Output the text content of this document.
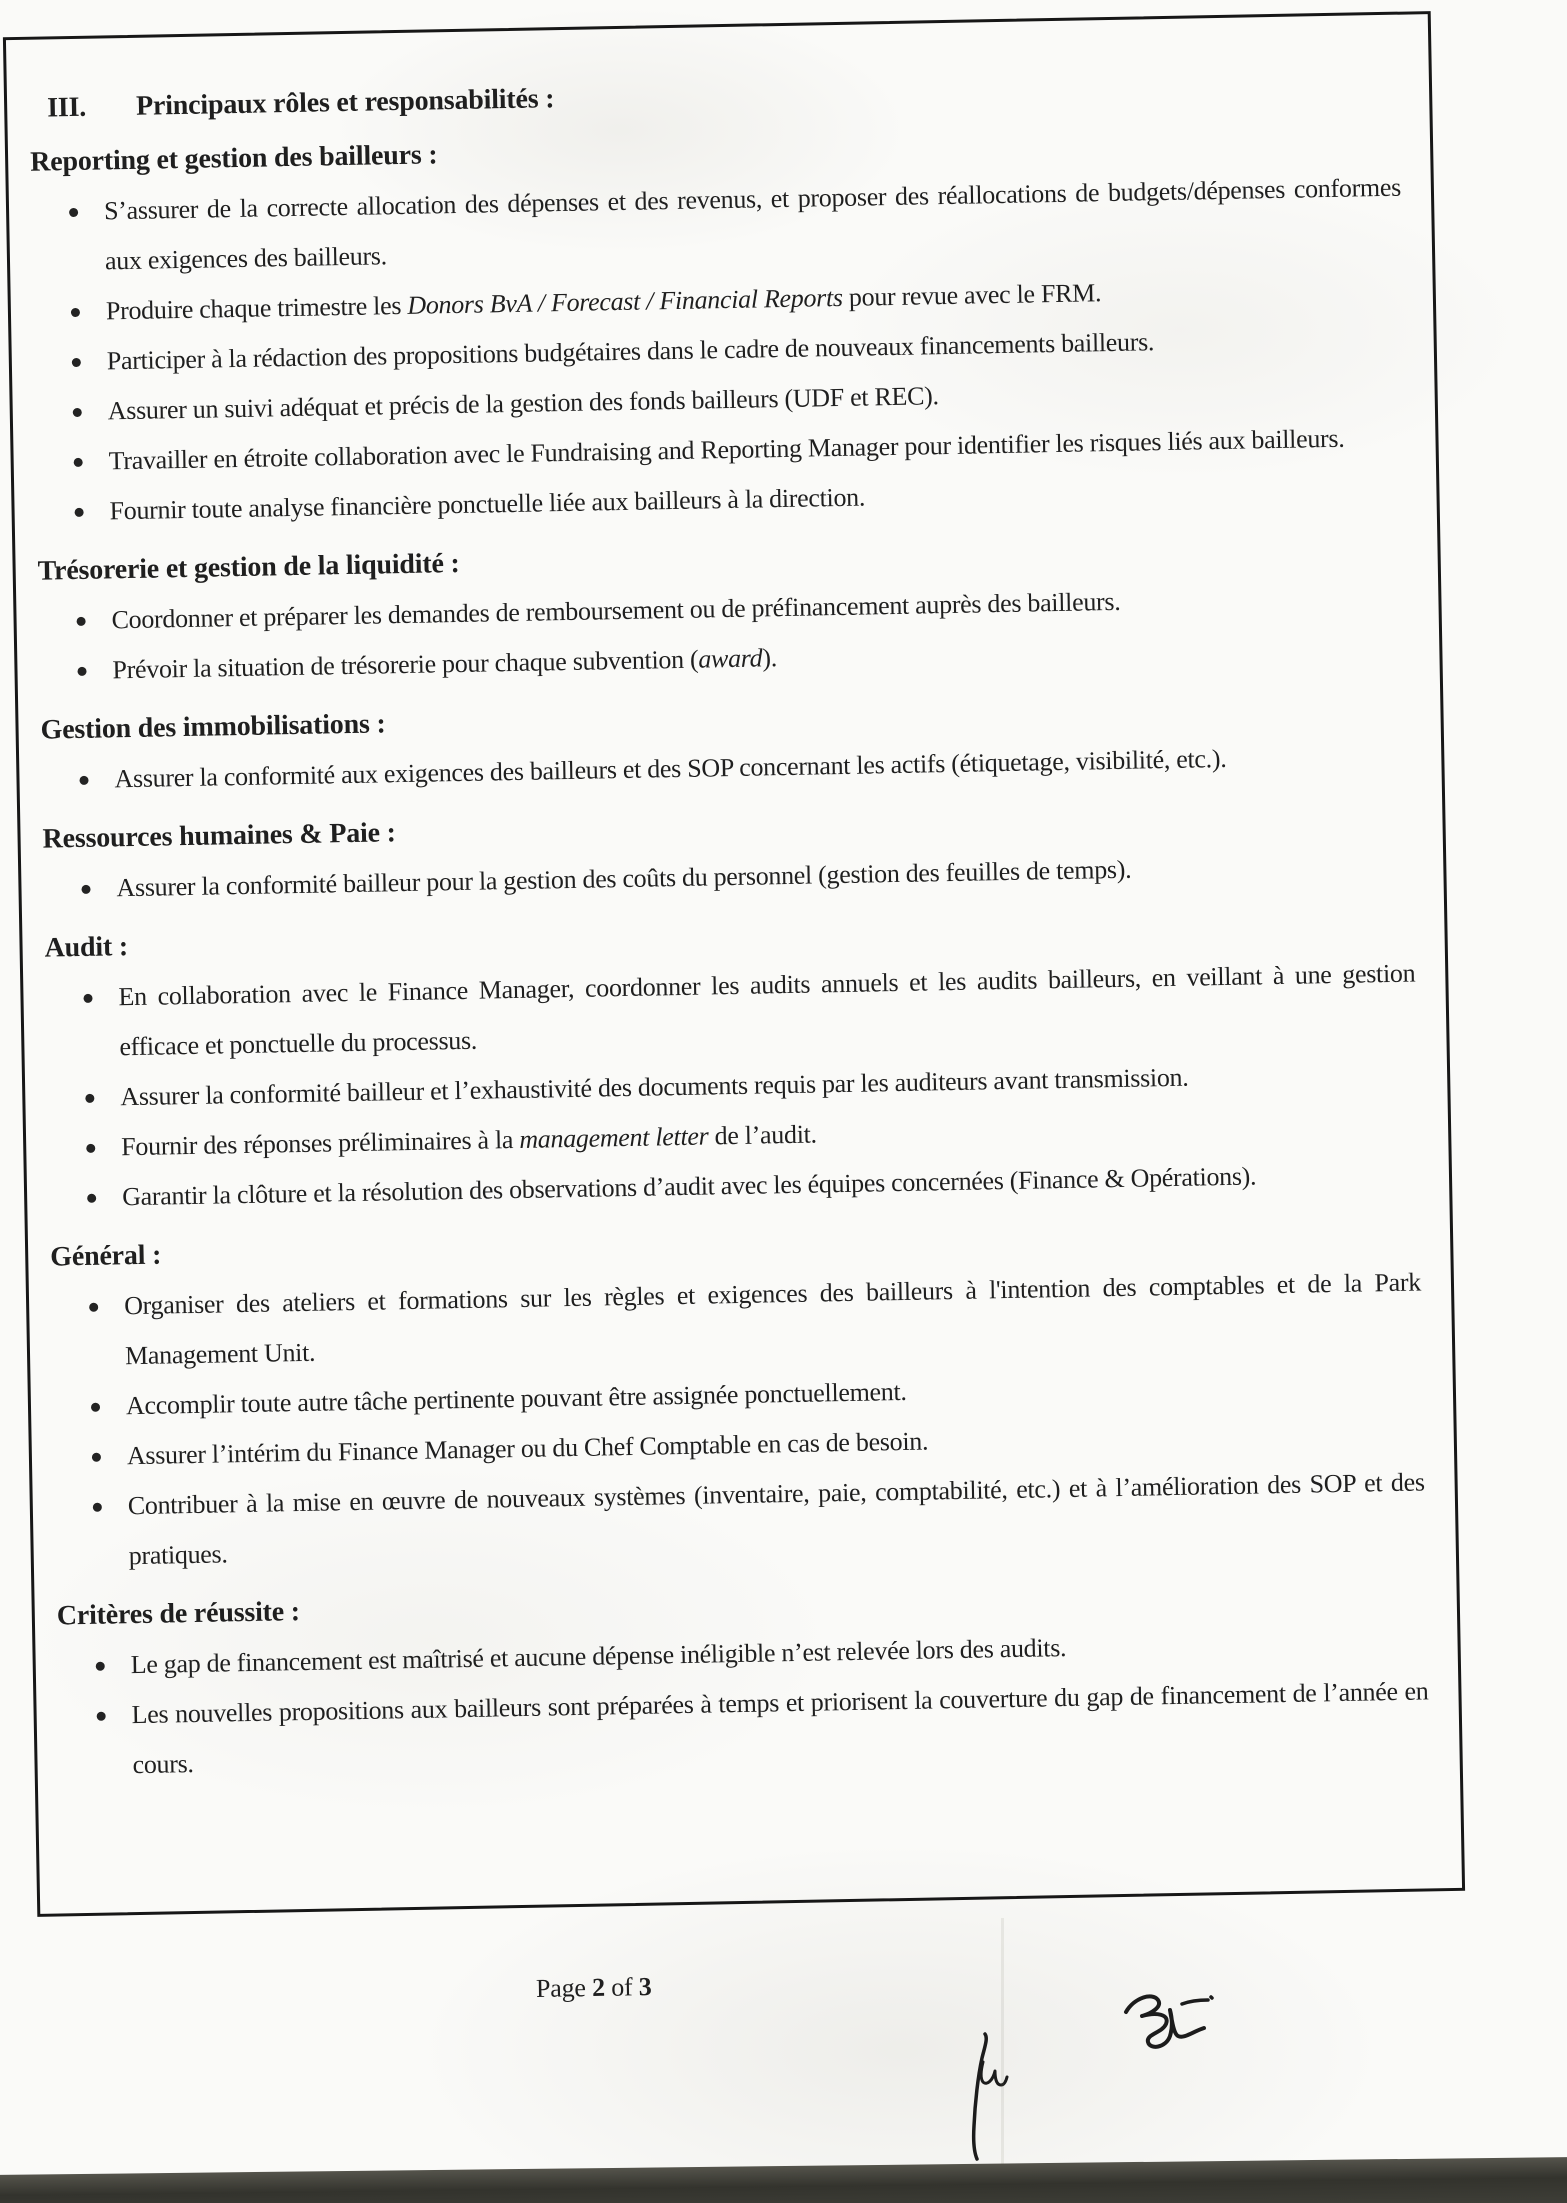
III. Principaux rôles et responsabilités :
Reporting et gestion des bailleurs :

S’assurer de la correcte allocation des dépenses et des revenus, et proposer des réallocations de budgets/dépenses conformes aux exigences des bailleurs.

Produire chaque trimestre les Donors BvA / Forecast / Financial Reports pour revue avec le FRM.

Participer à la rédaction des propositions budgétaires dans le cadre de nouveaux financements bailleurs.

Assurer un suivi adéquat et précis de la gestion des fonds bailleurs (UDF et REC).

Travailler en étroite collaboration avec le Fundraising and Reporting Manager pour identifier les risques liés aux bailleurs.

Fournir toute analyse financière ponctuelle liée aux bailleurs à la direction.

Trésorerie et gestion de la liquidité :

Coordonner et préparer les demandes de remboursement ou de préfinancement auprès des bailleurs.

Prévoir la situation de trésorerie pour chaque subvention (award).

Gestion des immobilisations :

Assurer la conformité aux exigences des bailleurs et des SOP concernant les actifs (étiquetage, visibilité, etc.).

Ressources humaines & Paie :

Assurer la conformité bailleur pour la gestion des coûts du personnel (gestion des feuilles de temps).

Audit :

En collaboration avec le Finance Manager, coordonner les audits annuels et les audits bailleurs, en veillant à une gestion efficace et ponctuelle du processus.

Assurer la conformité bailleur et l’exhaustivité des documents requis par les auditeurs avant transmission.

Fournir des réponses préliminaires à la management letter de l’audit.

Garantir la clôture et la résolution des observations d’audit avec les équipes concernées (Finance & Opérations).

Général :

Organiser des ateliers et formations sur les règles et exigences des bailleurs à l'intention des comptables et de la Park Management Unit.

Accomplir toute autre tâche pertinente pouvant être assignée ponctuellement.

Assurer l’intérim du Finance Manager ou du Chef Comptable en cas de besoin.

Contribuer à la mise en œuvre de nouveaux systèmes (inventaire, paie, comptabilité, etc.) et à l’amélioration des SOP et des pratiques.

Critères de réussite :

Le gap de financement est maîtrisé et aucune dépense inéligible n’est relevée lors des audits.

Les nouvelles propositions aux bailleurs sont préparées à temps et priorisent la couverture du gap de financement de l’année en cours.

Page 2 of 3
